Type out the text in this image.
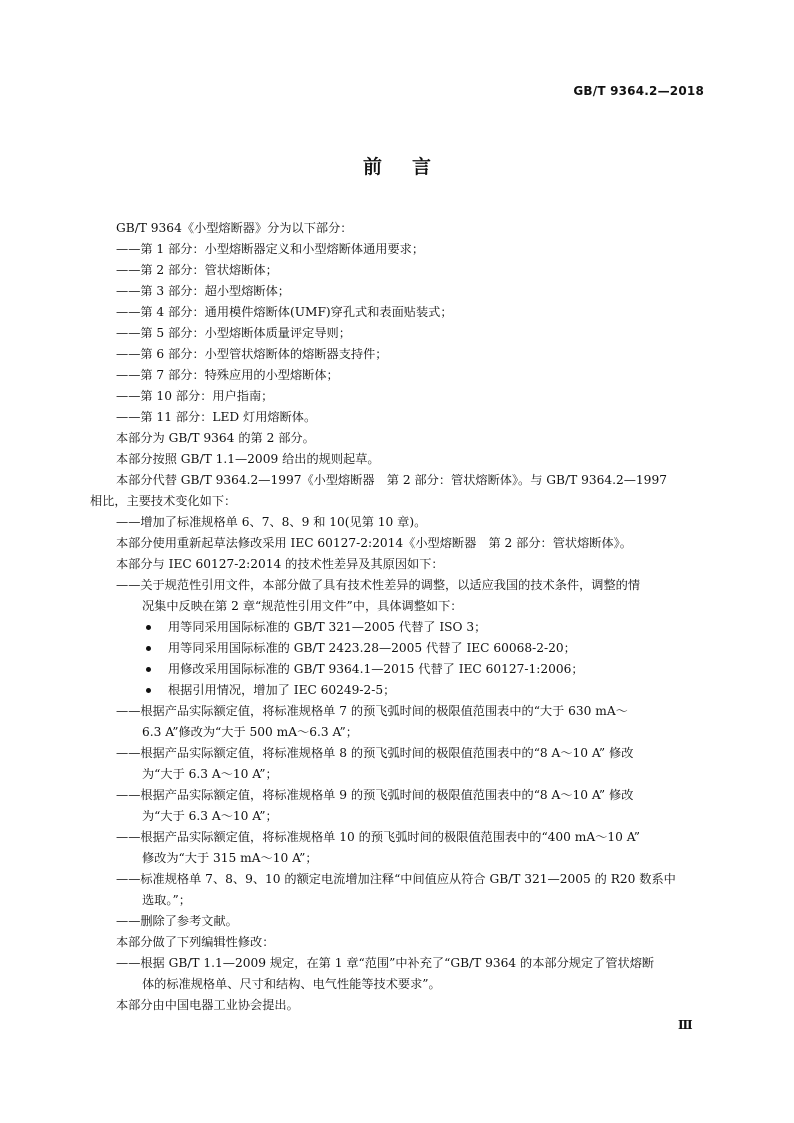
GB/T 9364.2—2018
前言
GB/T 9364《小型熔断器》分为以下部分：
——第 1 部分：小型熔断器定义和小型熔断体通用要求；
——第 2 部分：管状熔断体；
——第 3 部分：超小型熔断体；
——第 4 部分：通用模件熔断体(UMF)穿孔式和表面贴装式；
——第 5 部分：小型熔断体质量评定导则；
——第 6 部分：小型管状熔断体的熔断器支持件；
——第 7 部分：特殊应用的小型熔断体；
——第 10 部分：用户指南；
——第 11 部分：LED 灯用熔断体。
本部分为 GB/T 9364 的第 2 部分。
本部分按照 GB/T 1.1—2009 给出的规则起草。
本部分代替 GB/T 9364.2—1997《小型熔断器　第 2 部分：管状熔断体》。与 GB/T 9364.2—1997
相比，主要技术变化如下：
——增加了标准规格单 6、7、8、9 和 10(见第 10 章)。
本部分使用重新起草法修改采用 IEC 60127-2:2014《小型熔断器　第 2 部分：管状熔断体》。
本部分与 IEC 60127-2:2014 的技术性差异及其原因如下：
——关于规范性引用文件，本部分做了具有技术性差异的调整，以适应我国的技术条件，调整的情
况集中反映在第 2 章“规范性引用文件”中，具体调整如下：
用等同采用国际标准的 GB/T 321—2005 代替了 ISO 3；
用等同采用国际标准的 GB/T 2423.28—2005 代替了 IEC 60068-2-20；
用修改采用国际标准的 GB/T 9364.1—2015 代替了 IEC 60127-1:2006；
根据引用情况，增加了 IEC 60249-2-5；
——根据产品实际额定值，将标准规格单 7 的预飞弧时间的极限值范围表中的“大于 630 mA～
6.3 A”修改为“大于 500 mA～6.3 A”；
——根据产品实际额定值，将标准规格单 8 的预飞弧时间的极限值范围表中的“8 A～10 A” 修改
为“大于 6.3 A～10 A”；
——根据产品实际额定值，将标准规格单 9 的预飞弧时间的极限值范围表中的“8 A～10 A” 修改
为“大于 6.3 A～10 A”；
——根据产品实际额定值，将标准规格单 10 的预飞弧时间的极限值范围表中的“400 mA～10 A”
修改为“大于 315 mA～10 A”；
——标准规格单 7、8、9、10 的额定电流增加注释“中间值应从符合 GB/T 321—2005 的 R20 数系中
选取。”；
——删除了参考文献。
本部分做了下列编辑性修改：
——根据 GB/T 1.1—2009 规定，在第 1 章“范围”中补充了“GB/T 9364 的本部分规定了管状熔断
体的标准规格单、尺寸和结构、电气性能等技术要求”。
本部分由中国电器工业协会提出。
Ⅲ
